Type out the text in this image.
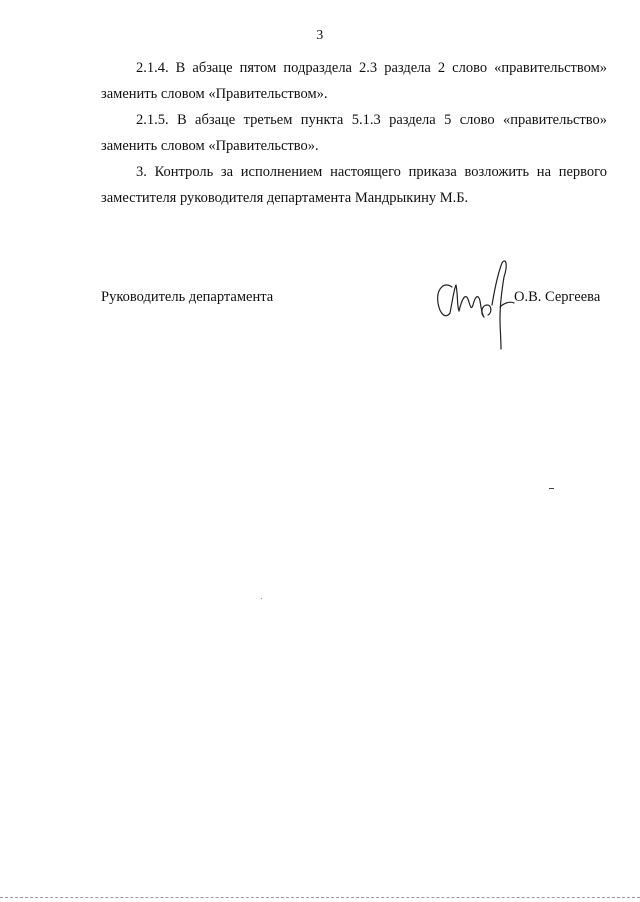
3
2.1.4. В абзаце пятом подраздела 2.3 раздела 2 слово «правительством»
заменить словом «Правительством».
2.1.5. В абзаце третьем пункта 5.1.3 раздела 5 слово «правительство»
заменить словом «Правительство».
3. Контроль за исполнением настоящего приказа возложить на первого
заместителя руководителя департамента Мандрыкину М.Б.
Руководитель департамента	О.В. Сергеева
